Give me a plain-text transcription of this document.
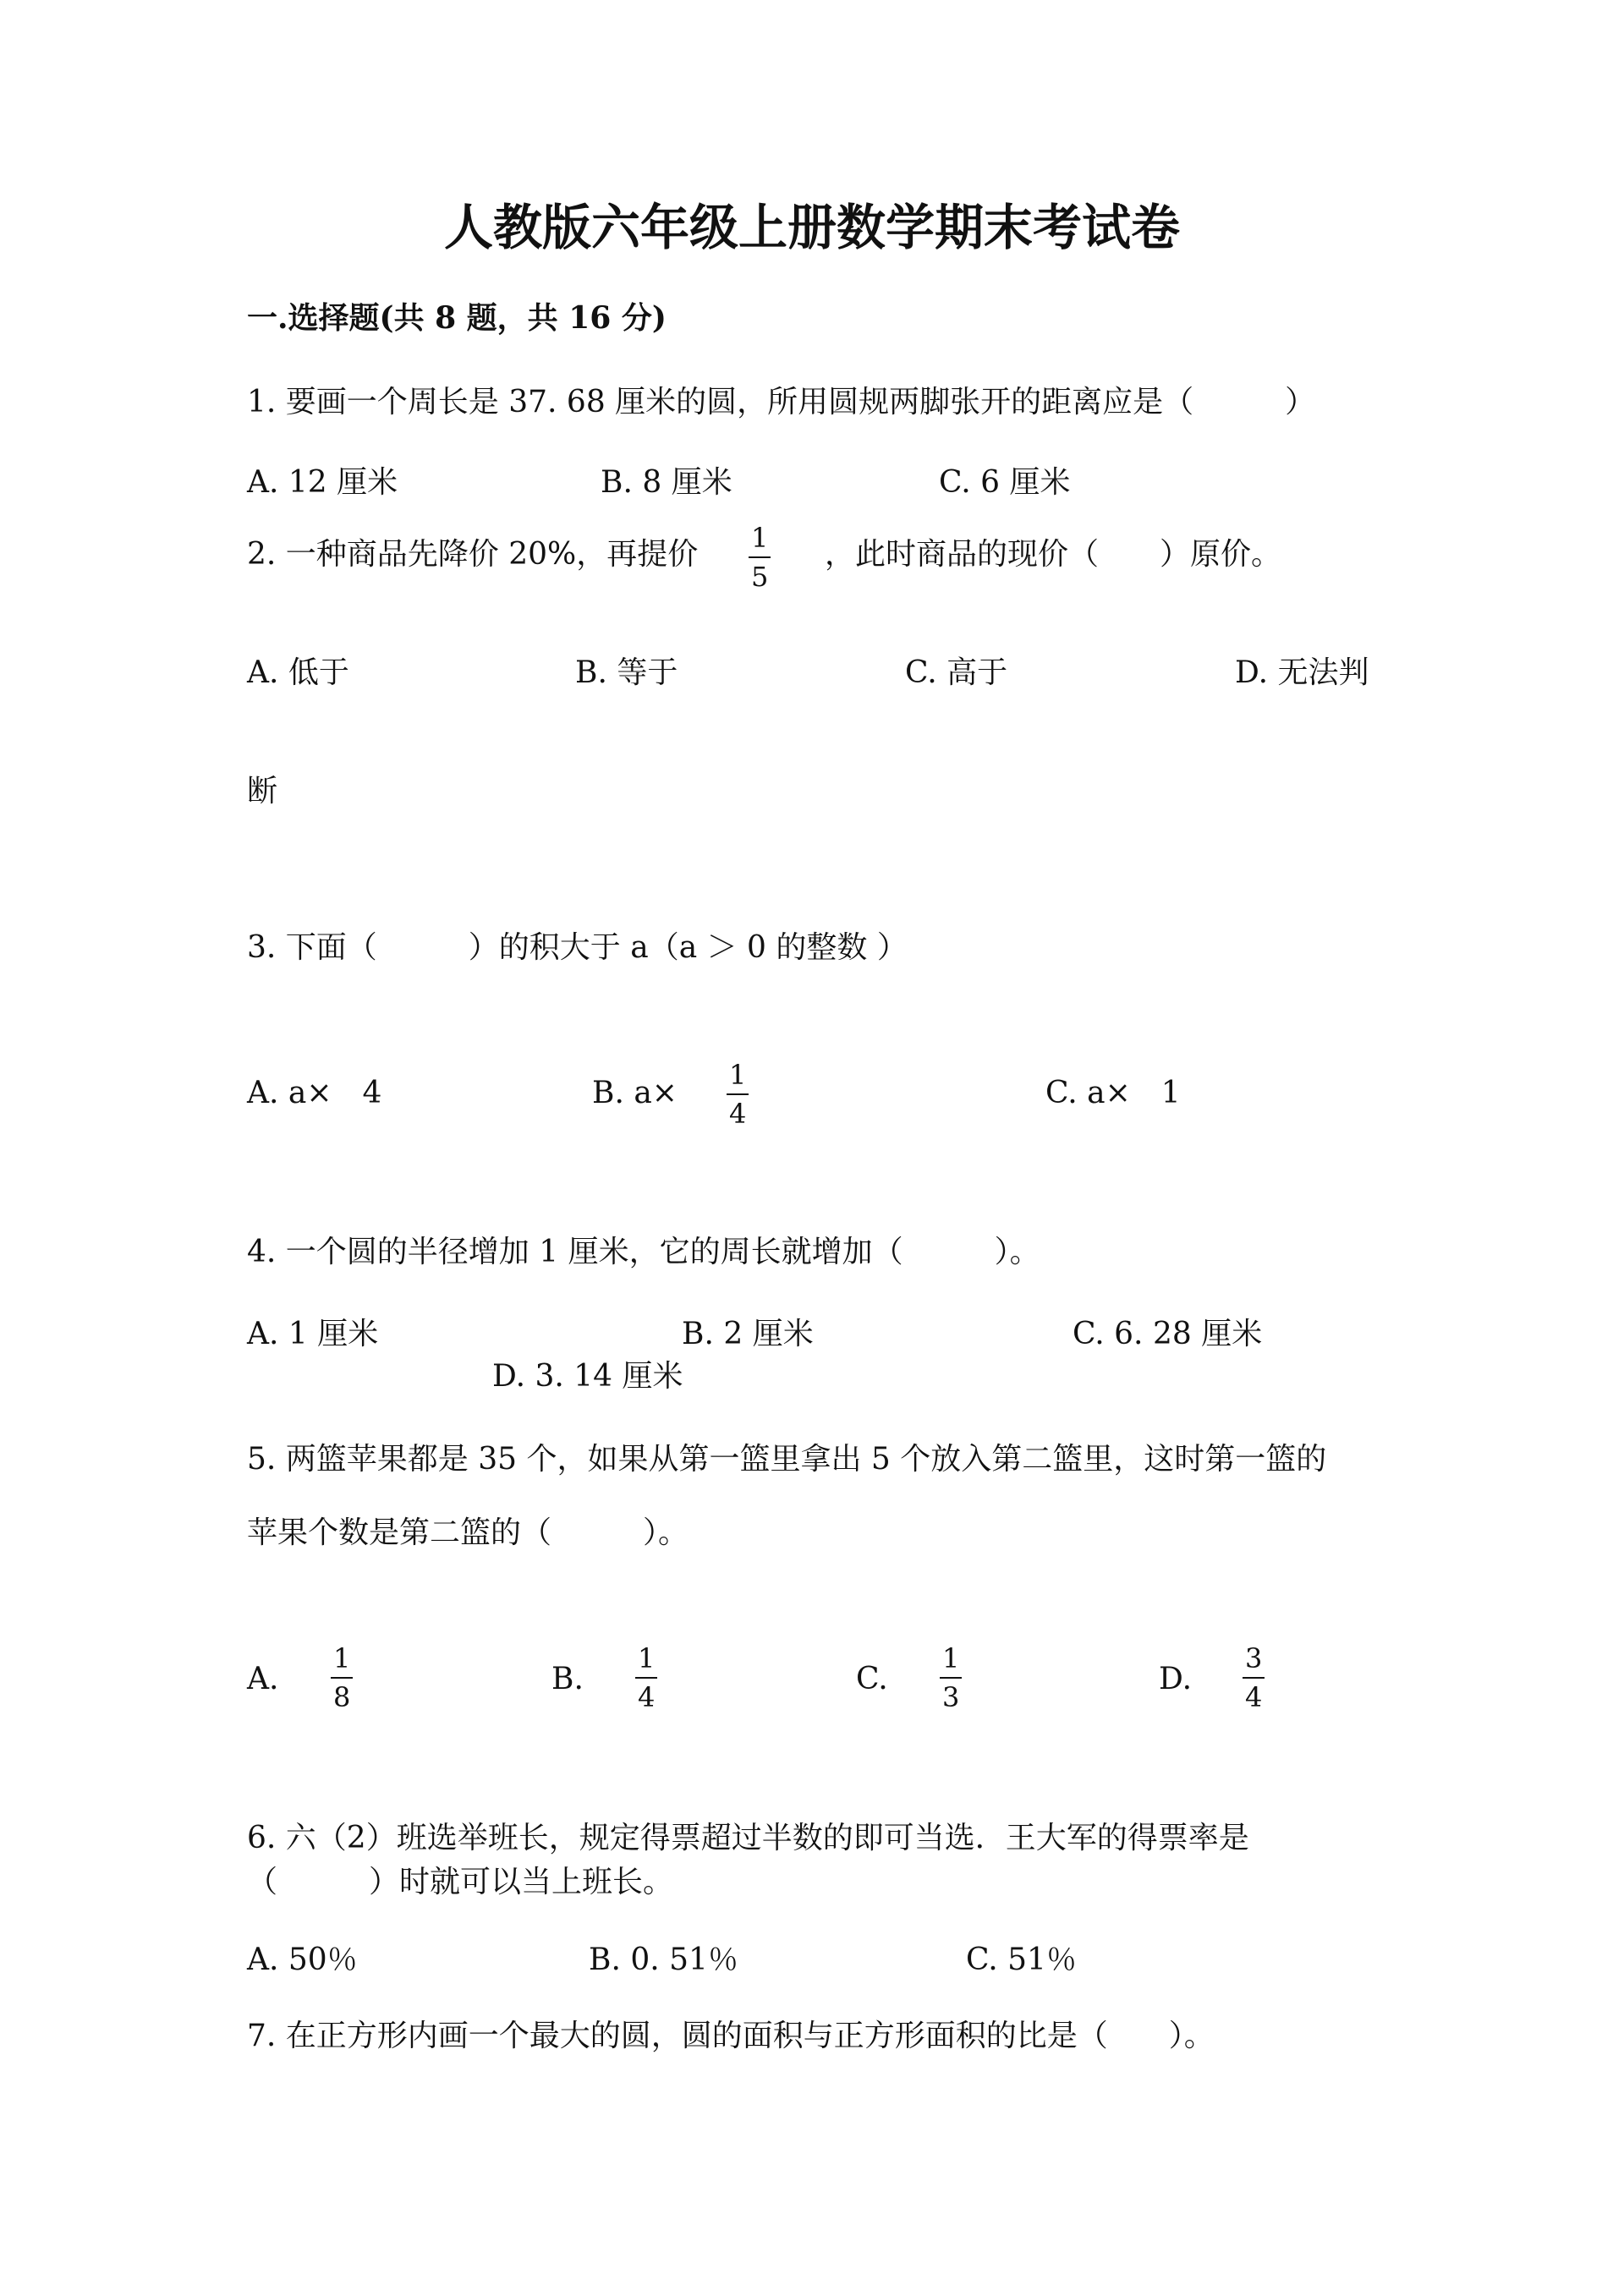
人教版六年级上册数学期末考试卷
一.选择题(共 8 题，共 16 分)
1. 要画一个周长是 37. 68 厘米的圆，所用圆规两脚张开的距离应是（　　　）
A. 12 厘米	B. 8 厘米	C. 6 厘米
2. 一种商品先降价 20%，再提价 1
5
，此时商品的现价（　　）原价。
A. 低于	B. 等于	C. 高于	D. 无法判
断
3. 下面（　　　）的积大于 a（a ＞ 0 的整数 ）
A. a×　4	B. a×
1
4
C. a×　1
4. 一个圆的半径增加 1 厘米，它的周长就增加（　　　）。
A. 1 厘米	B. 2 厘米	C. 6. 28 厘米
D. 3. 14 厘米
5. 两篮苹果都是 35 个，如果从第一篮里拿出 5 个放入第二篮里，这时第一篮的
苹果个数是第二篮的（　　　）。
A.
1
8
B.
1
4
C.
1
3
D.
3
4
6. 六（2）班选举班长，规定得票超过半数的即可当选．王大军的得票率是
（　　　）时就可以当上班长。
A. 50％	B. 0. 51％	C. 51％
7. 在正方形内画一个最大的圆，圆的面积与正方形面积的比是（　　）。
